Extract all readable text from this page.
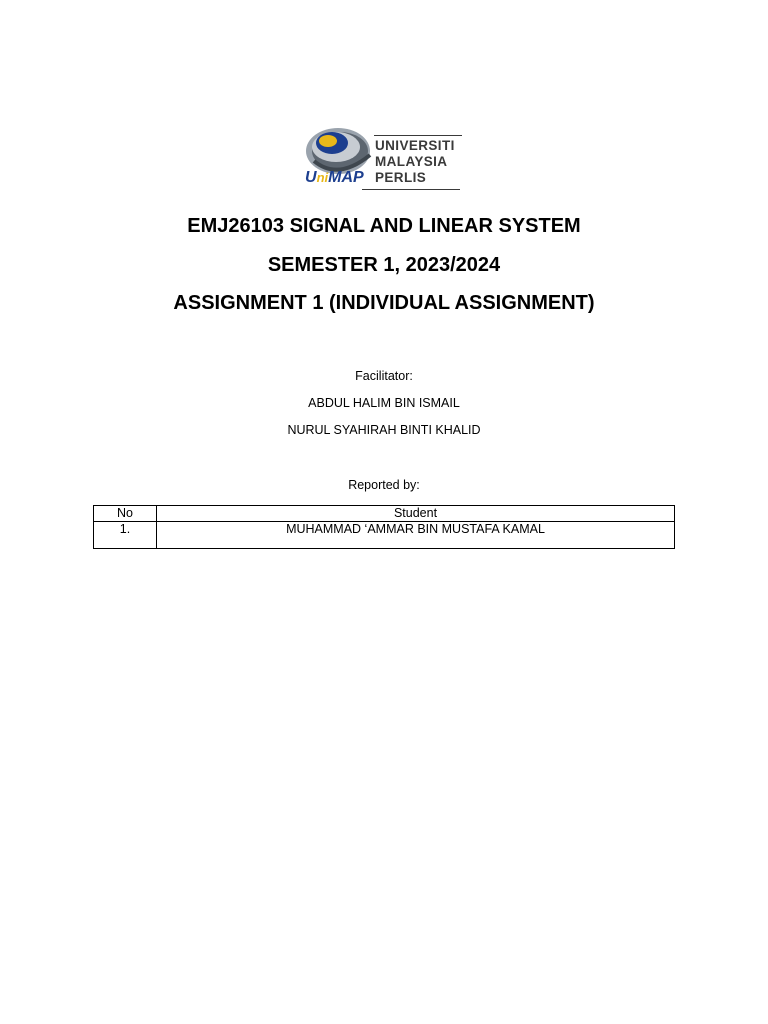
UniMAP
UNIVERSITI
MALAYSIA
PERLIS
EMJ26103 SIGNAL AND LINEAR SYSTEM
SEMESTER 1, 2023/2024
ASSIGNMENT 1 (INDIVIDUAL ASSIGNMENT)
Facilitator:
ABDUL HALIM BIN ISMAIL
NURUL SYAHIRAH BINTI KHALID
Reported by:
No	Student
1.	MUHAMMAD ‘AMMAR BIN MUSTAFA KAMAL
